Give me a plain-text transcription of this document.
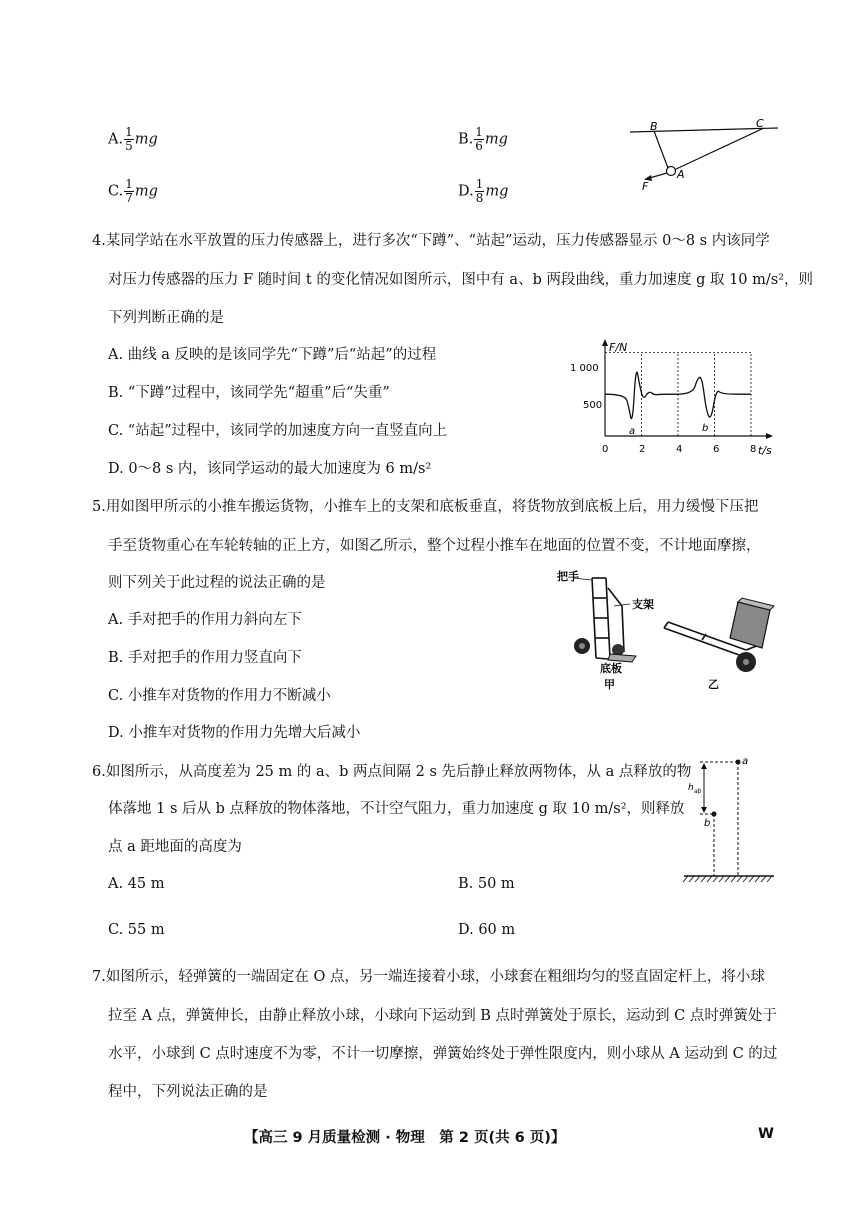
A. $\frac{1}{5}$ mg	B. $\frac{1}{6}$ mg
C. $\frac{1}{7}$ mg	D. $\frac{1}{8}$ mg
B	C
F
A
4.某同学站在水平放置的压力传感器上，进行多次“下蹲”、“站起”运动，压力传感器显示 0～8 s 内该同学
对压力传感器的压力 F 随时间 t 的变化情况如图所示，图中有 a、b 两段曲线，重力加速度 g 取 10 m/s²，则
下列判断正确的是
A. 曲线 a 反映的是该同学先“下蹲”后“站起”的过程
B. “下蹲”过程中，该同学先“超重”后“失重”
C. “站起”过程中，该同学的加速度方向一直竖直向上
D. 0～8 s 内，该同学运动的最大加速度为 6 m/s²
F/N
t/s
1 000
500
0	2	4	6	8
a	b
5.用如图甲所示的小推车搬运货物，小推车上的支架和底板垂直，将货物放到底板上后，用力缓慢下压把
手至货物重心在车轮转轴的正上方，如图乙所示，整个过程小推车在地面的位置不变，不计地面摩擦，
则下列关于此过程的说法正确的是
A. 手对把手的作用力斜向左下
B. 手对把手的作用力竖直向下
C. 小推车对货物的作用力不断减小
D. 小推车对货物的作用力先增大后减小
把手
支架
底板
甲	乙
6.如图所示，从高度差为 25 m 的 a、b 两点间隔 2 s 先后静止释放两物体，从 a 点释放的物
体落地 1 s 后从 b 点释放的物体落地，不计空气阻力，重力加速度 g 取 10 m/s²，则释放
点 a 距地面的高度为
A. 45 m	B. 50 m
C. 55 m	D. 60 m
a
b
h ab
7.如图所示，轻弹簧的一端固定在 O 点，另一端连接着小球，小球套在粗细均匀的竖直固定杆上，将小球
拉至 A 点，弹簧伸长，由静止释放小球，小球向下运动到 B 点时弹簧处于原长，运动到 C 点时弹簧处于
水平，小球到 C 点时速度不为零，不计一切摩擦，弹簧始终处于弹性限度内，则小球从 A 运动到 C 的过
程中，下列说法正确的是
【高三 9 月质量检测 · 物理　第 2 页(共 6 页)】	W
